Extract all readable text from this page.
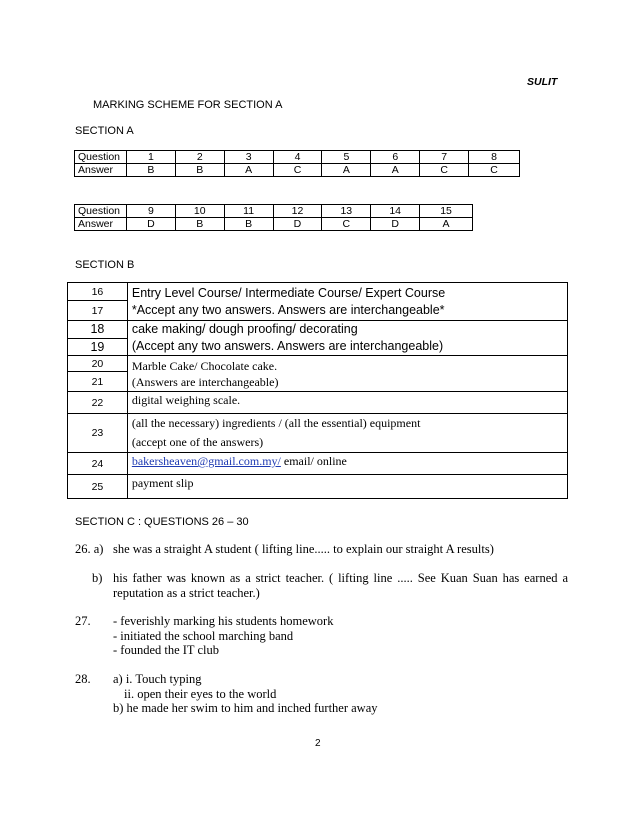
SULIT
MARKING SCHEME FOR SECTION A
SECTION A
Question	1	2	3	4	5	6	7	8
Answer	B	B	A	C	A	A	C	C
Question	9	10	11	12	13	14	15
Answer	D	B	B	D	C	D	A
SECTION B
16	Entry Level Course/ Intermediate Course/ Expert Course
*Accept any two answers. Answers are interchangeable*

17	
18	cake making/ dough proofing/ decorating
(Accept any two answers. Answers are interchangeable)

19	
20	Marble Cake/ Chocolate cake.
(Answers are interchangeable)

21	
22	digital weighing scale.

23	(all the necessary) ingredients / (all the essential) equipment
(accept one of the answers)

24	bakersheaven@gmail.com.my/ email/ online

25	payment slip
SECTION C : QUESTIONS 26 – 30
26. a) she was a straight A student ( lifting line..... to explain our straight A results)
b) his father was known as a strict teacher. ( lifting line ..... See Kuan Suan has earned a
reputation as a strict teacher.)
27. - feverishly marking his students homework
- initiated the school marching band
- founded the IT club
28. a) i. Touch typing
ii. open their eyes to the world
b) he made her swim to him and inched further away
2
